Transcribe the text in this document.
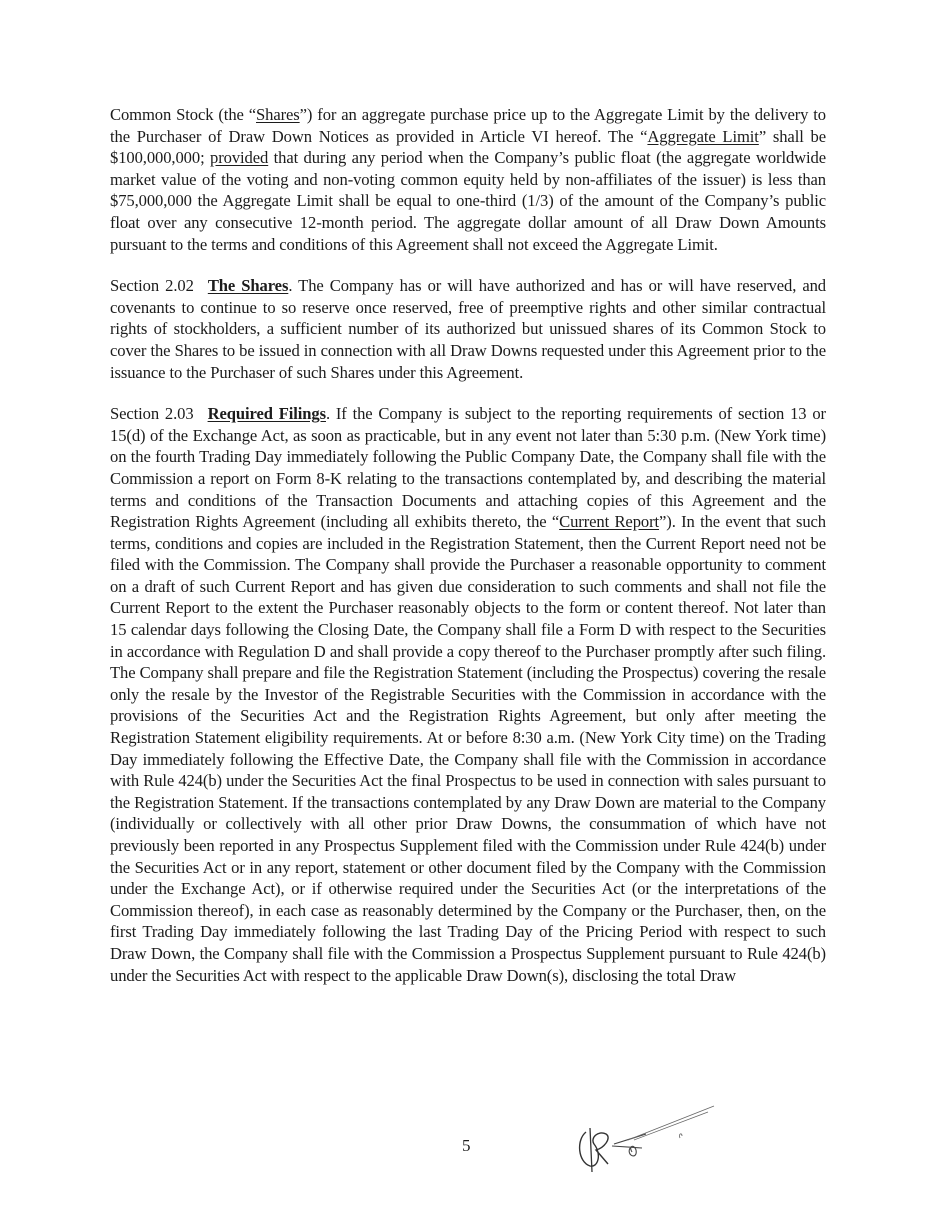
Common Stock (the “Shares”) for an aggregate purchase price up to the Aggregate Limit by the delivery to the Purchaser of Draw Down Notices as provided in Article VI hereof. The “Aggregate Limit” shall be $100,000,000; provided that during any period when the Company’s public float (the aggregate worldwide market value of the voting and non-voting common equity held by non-affiliates of the issuer) is less than $75,000,000 the Aggregate Limit shall be equal to one-third (1/3) of the amount of the Company’s public float over any consecutive 12-month period. The aggregate dollar amount of all Draw Down Amounts pursuant to the terms and conditions of this Agreement shall not exceed the Aggregate Limit.

Section 2.02 The Shares. The Company has or will have authorized and has or will have reserved, and covenants to continue to so reserve once reserved, free of preemptive rights and other similar contractual rights of stockholders, a sufficient number of its authorized but unissued shares of its Common Stock to cover the Shares to be issued in connection with all Draw Downs requested under this Agreement prior to the issuance to the Purchaser of such Shares under this Agreement.

Section 2.03 Required Filings. If the Company is subject to the reporting requirements of section 13 or 15(d) of the Exchange Act, as soon as practicable, but in any event not later than 5:30 p.m. (New York time) on the fourth Trading Day immediately following the Public Company Date, the Company shall file with the Commission a report on Form 8-K relating to the transactions contemplated by, and describing the material terms and conditions of the Transaction Documents and attaching copies of this Agreement and the Registration Rights Agreement (including all exhibits thereto, the “Current Report”). In the event that such terms, conditions and copies are included in the Registration Statement, then the Current Report need not be filed with the Commission. The Company shall provide the Purchaser a reasonable opportunity to comment on a draft of such Current Report and has given due consideration to such comments and shall not file the Current Report to the extent the Purchaser reasonably objects to the form or content thereof. Not later than 15 calendar days following the Closing Date, the Company shall file a Form D with respect to the Securities in accordance with Regulation D and shall provide a copy thereof to the Purchaser promptly after such filing. The Company shall prepare and file the Registration Statement (including the Prospectus) covering the resale only the resale by the Investor of the Registrable Securities with the Commission in accordance with the provisions of the Securities Act and the Registration Rights Agreement, but only after meeting the Registration Statement eligibility requirements. At or before 8:30 a.m. (New York City time) on the Trading Day immediately following the Effective Date, the Company shall file with the Commission in accordance with Rule 424(b) under the Securities Act the final Prospectus to be used in connection with sales pursuant to the Registration Statement. If the transactions contemplated by any Draw Down are material to the Company (individually or collectively with all other prior Draw Downs, the consummation of which have not previously been reported in any Prospectus Supplement filed with the Commission under Rule 424(b) under the Securities Act or in any report, statement or other document filed by the Company with the Commission under the Exchange Act), or if otherwise required under the Securities Act (or the interpretations of the Commission thereof), in each case as reasonably determined by the Company or the Purchaser, then, on the first Trading Day immediately following the last Trading Day of the Pricing Period with respect to such Draw Down, the Company shall file with the Commission a Prospectus Supplement pursuant to Rule 424(b) under the Securities Act with respect to the applicable Draw Down(s), disclosing the total Draw

5
